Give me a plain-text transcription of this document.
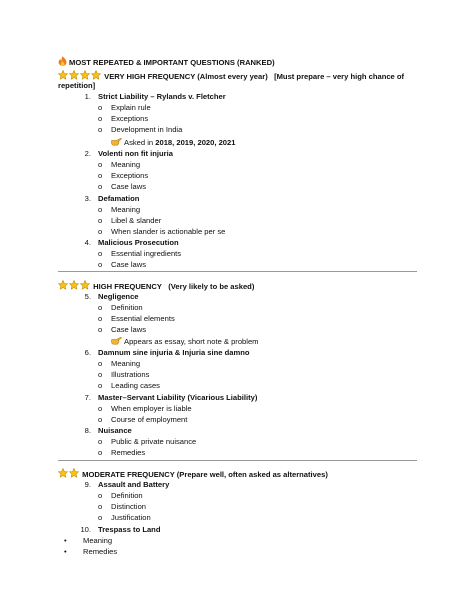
MOST REPEATED & IMPORTANT QUESTIONS (RANKED)
VERY HIGH FREQUENCY (Almost every year) [Must prepare – very high chance of
repetition]
1. Strict Liability – Rylands v. Fletcher
o Explain rule
o Exceptions
o Development in India
Asked in 2018, 2019, 2020, 2021
2. Volenti non fit injuria
o Meaning
o Exceptions
o Case laws
3. Defamation
o Meaning
o Libel & slander
o When slander is actionable per se
4. Malicious Prosecution
o Essential ingredients
o Case laws
HIGH FREQUENCY (Very likely to be asked)
5. Negligence
o Definition
o Essential elements
o Case laws
Appears as essay, short note & problem
6. Damnum sine injuria & Injuria sine damno
o Meaning
o Illustrations
o Leading cases
7. Master–Servant Liability (Vicarious Liability)
o When employer is liable
o Course of employment
8. Nuisance
o Public & private nuisance
o Remedies
MODERATE FREQUENCY (Prepare well, often asked as alternatives)
9. Assault and Battery
o Definition
o Distinction
o Justification
10. Trespass to Land
• Meaning
• Remedies
